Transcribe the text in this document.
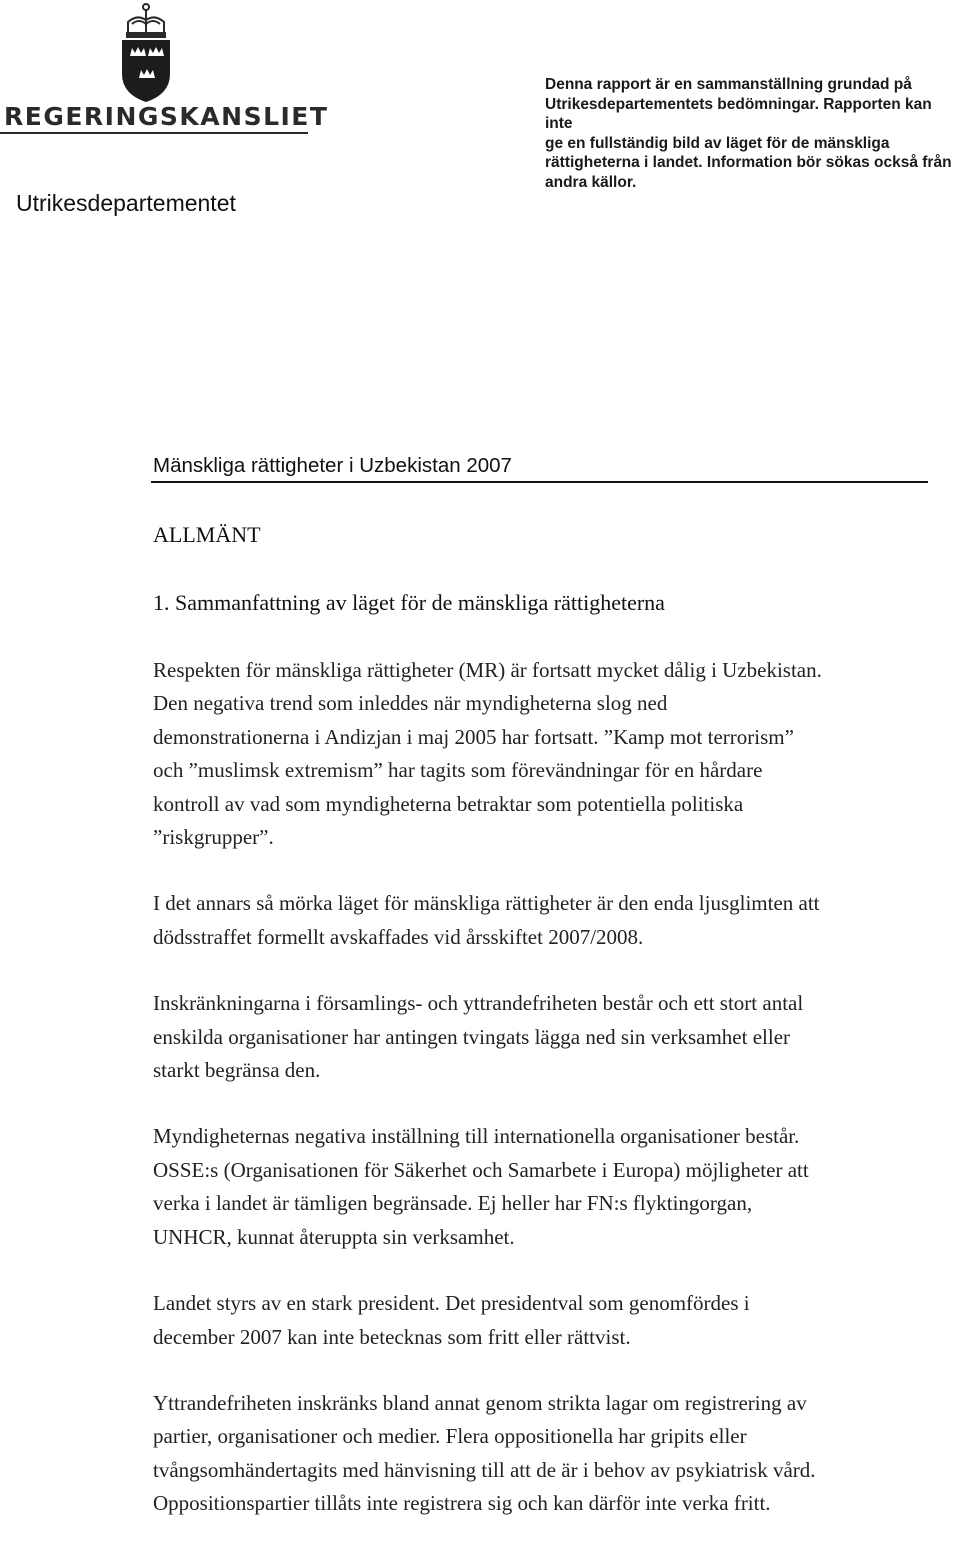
REGERINGSKANSLIET
Utrikesdepartementet

Denna rapport är en sammanställning grundad på
Utrikesdepartementets bedömningar. Rapporten kan inte
ge en fullständig bild av läget för de mänskliga
rättigheterna i landet. Information bör sökas också från
andra källor.

Mänskliga rättigheter i Uzbekistan 2007
ALLMÄNT
1. Sammanfattning av läget för de mänskliga rättigheterna

Respekten för mänskliga rättigheter (MR) är fortsatt mycket dålig i Uzbekistan.
Den negativa trend som inleddes när myndigheterna slog ned
demonstrationerna i Andizjan i maj 2005 har fortsatt. ”Kamp mot terrorism”
och ”muslimsk extremism” har tagits som förevändningar för en hårdare
kontroll av vad som myndigheterna betraktar som potentiella politiska
”riskgrupper”.

I det annars så mörka läget för mänskliga rättigheter är den enda ljusglimten att
dödsstraffet formellt avskaffades vid årsskiftet 2007/2008.

Inskränkningarna i församlings- och yttrandefriheten består och ett stort antal
enskilda organisationer har antingen tvingats lägga ned sin verksamhet eller
starkt begränsa den.

Myndigheternas negativa inställning till internationella organisationer består.
OSSE:s (Organisationen för Säkerhet och Samarbete i Europa) möjligheter att
verka i landet är tämligen begränsade. Ej heller har FN:s flyktingorgan,
UNHCR, kunnat återuppta sin verksamhet.

Landet styrs av en stark president. Det presidentval som genomfördes i
december 2007 kan inte betecknas som fritt eller rättvist.

Yttrandefriheten inskränks bland annat genom strikta lagar om registrering av
partier, organisationer och medier. Flera oppositionella har gripits eller
tvångsomhändertagits med hänvisning till att de är i behov av psykiatrisk vård.
Oppositionspartier tillåts inte registrera sig och kan därför inte verka fritt.
